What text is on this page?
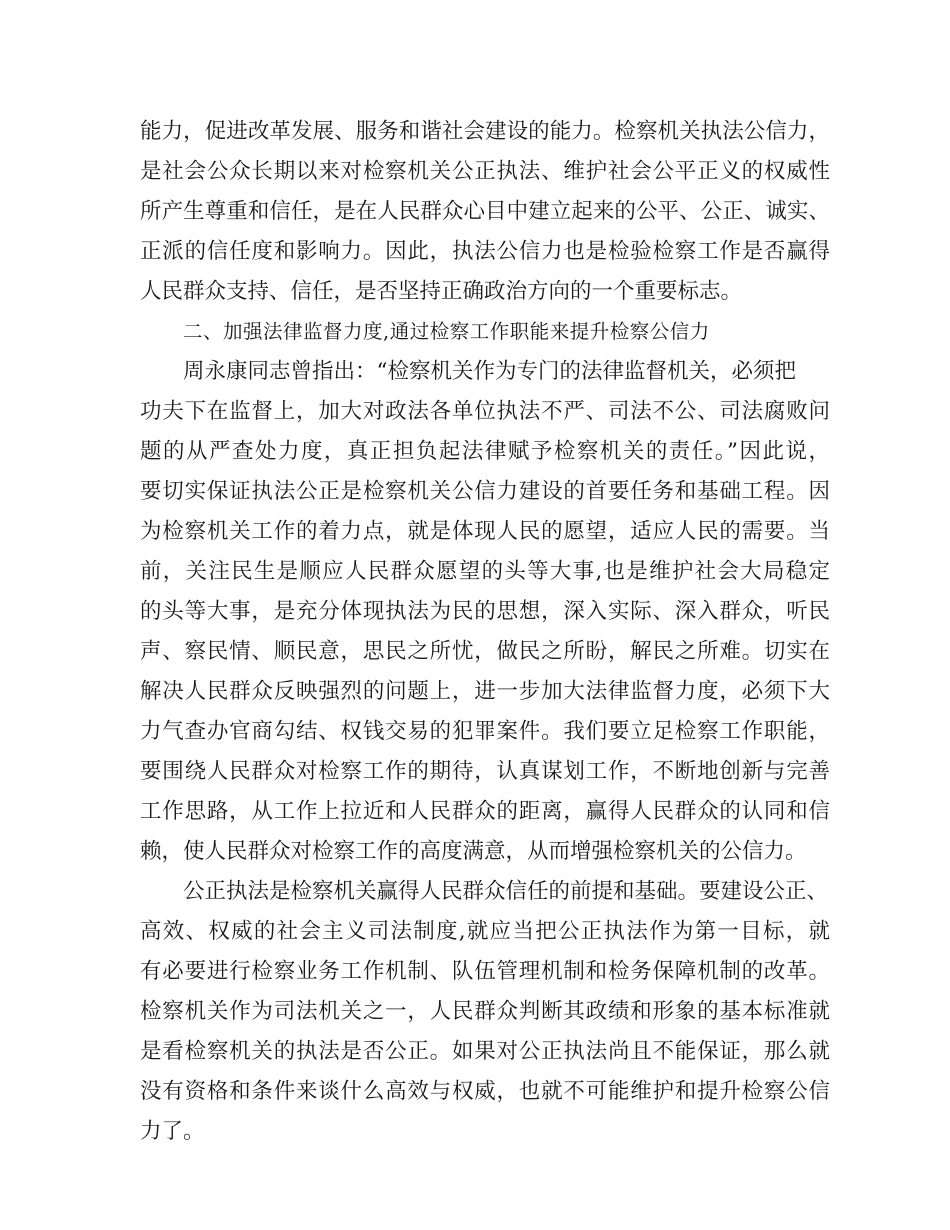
能力，促进改革发展、服务和谐社会建设的能力。检察机关执法公信力，
是社会公众长期以来对检察机关公正执法、维护社会公平正义的权威性
所产生尊重和信任，是在人民群众心目中建立起来的公平、公正、诚实、
正派的信任度和影响力。因此，执法公信力也是检验检察工作是否赢得
人民群众支持、信任，是否坚持正确政治方向的一个重要标志。
二、加强法律监督力度,通过检察工作职能来提升检察公信力
周永康同志曾指出：“检察机关作为专门的法律监督机关，必须把
功夫下在监督上，加大对政法各单位执法不严、司法不公、司法腐败问
题的从严查处力度，真正担负起法律赋予检察机关的责任。”因此说，
要切实保证执法公正是检察机关公信力建设的首要任务和基础工程。因
为检察机关工作的着力点，就是体现人民的愿望，适应人民的需要。当
前，关注民生是顺应人民群众愿望的头等大事,也是维护社会大局稳定
的头等大事，是充分体现执法为民的思想，深入实际、深入群众，听民
声、察民情、顺民意，思民之所忧，做民之所盼，解民之所难。切实在
解决人民群众反映强烈的问题上，进一步加大法律监督力度，必须下大
力气查办官商勾结、权钱交易的犯罪案件。我们要立足检察工作职能，
要围绕人民群众对检察工作的期待，认真谋划工作，不断地创新与完善
工作思路，从工作上拉近和人民群众的距离，赢得人民群众的认同和信
赖，使人民群众对检察工作的高度满意，从而增强检察机关的公信力。
公正执法是检察机关赢得人民群众信任的前提和基础。要建设公正、
高效、权威的社会主义司法制度,就应当把公正执法作为第一目标，就
有必要进行检察业务工作机制、队伍管理机制和检务保障机制的改革。
检察机关作为司法机关之一，人民群众判断其政绩和形象的基本标准就
是看检察机关的执法是否公正。如果对公正执法尚且不能保证，那么就
没有资格和条件来谈什么高效与权威，也就不可能维护和提升检察公信
力了。
